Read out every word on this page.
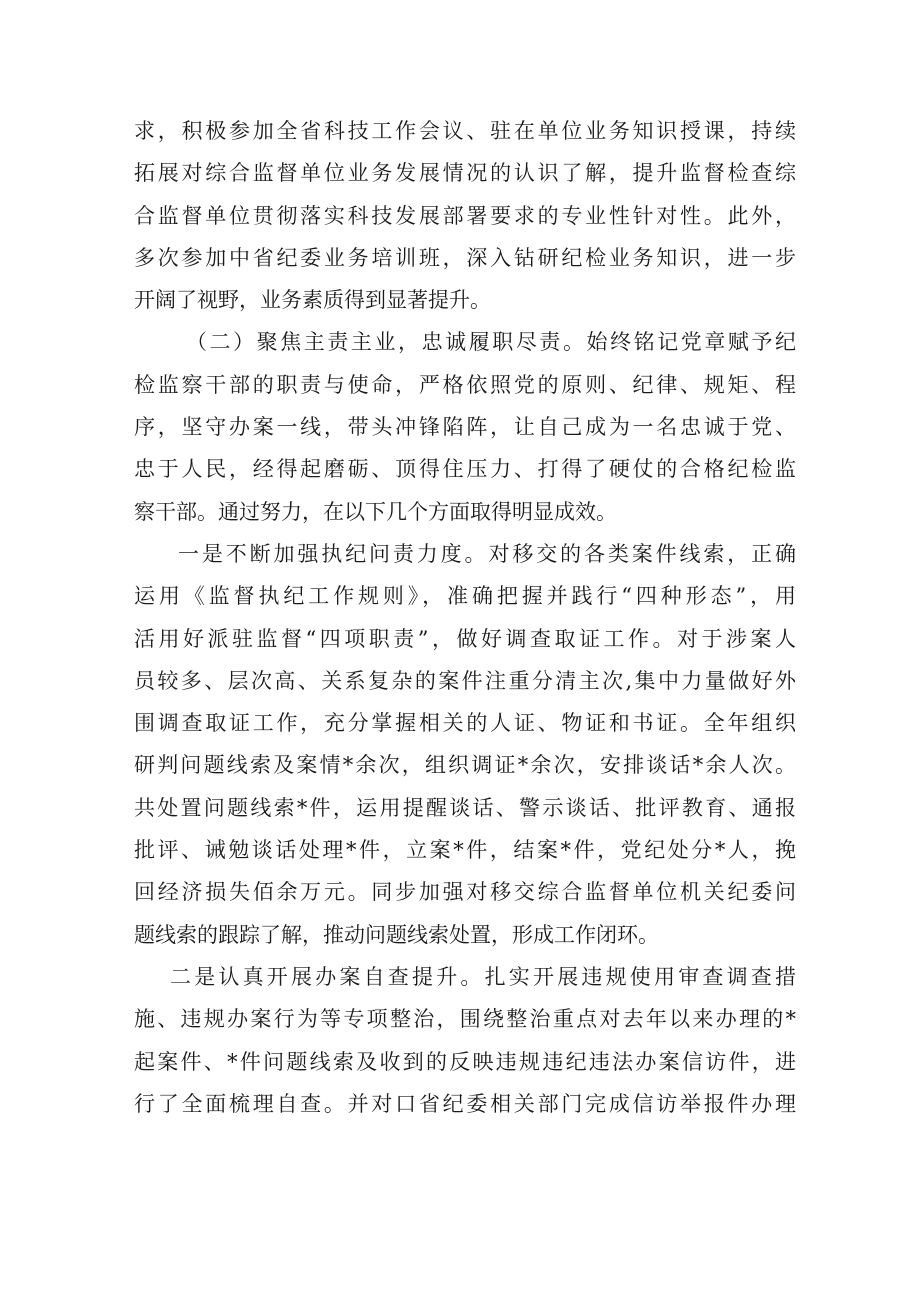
求，积极参加全省科技工作会议、驻在单位业务知识授课，持续
拓展对综合监督单位业务发展情况的认识了解，提升监督检查综
合监督单位贯彻落实科技发展部署要求的专业性针对性。此外，
多次参加中省纪委业务培训班，深入钻研纪检业务知识，进一步
开阔了视野，业务素质得到显著提升。
（二）聚焦主责主业，忠诚履职尽责。始终铭记党章赋予纪
检监察干部的职责与使命，严格依照党的原则、纪律、规矩、程
序，坚守办案一线，带头冲锋陷阵，让自己成为一名忠诚于党、
忠于人民，经得起磨砺、顶得住压力、打得了硬仗的合格纪检监
察干部。通过努力，在以下几个方面取得明显成效。
一是不断加强执纪问责力度。对移交的各类案件线索，正确
运用《监督执纪工作规则》，准确把握并践行“四种形态”，用
活用好派驻监督“四项职责”，做好调查取证工作。对于涉案人
员较多、层次高、关系复杂的案件注重分清主次,集中力量做好外
围调查取证工作，充分掌握相关的人证、物证和书证。全年组织
研判问题线索及案情*余次，组织调证*余次，安排谈话*余人次。
共处置问题线索*件，运用提醒谈话、警示谈话、批评教育、通报
批评、诫勉谈话处理*件，立案*件，结案*件，党纪处分*人，挽
回经济损失佰余万元。同步加强对移交综合监督单位机关纪委问
题线索的跟踪了解，推动问题线索处置，形成工作闭环。
二是认真开展办案自查提升。扎实开展违规使用审查调查措
施、违规办案行为等专项整治，围绕整治重点对去年以来办理的*
起案件、*件问题线索及收到的反映违规违纪违法办案信访件，进
行了全面梳理自查。并对口省纪委相关部门完成信访举报件办理
